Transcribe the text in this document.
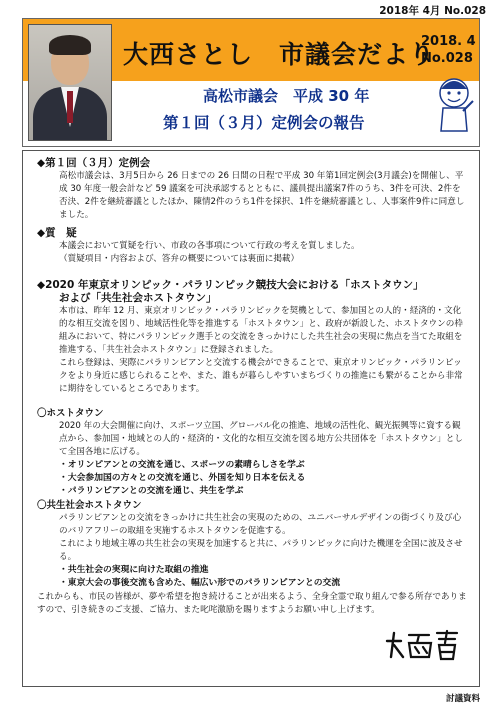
2018年 4月 No.028
大西さとし　市議会だより
2018. 4
No.028
高松市議会　平成 30 年
第１回（３月）定例会の報告
◆第１回（３月）定例会
高松市議会は、3月5日から 26 日までの 26 日間の日程で平成 30 年第1回定例会(3月議会)を開催し、平成 30 年度一般会計など 59 議案を可決承認するとともに、議員提出議案7件のうち、3件を可決、2件を否決、2件を継続審議としたほか、陳情2件のうち1件を採択、1件を継続審議とし、人事案件9件に同意しました。
◆質　疑
本議会において質疑を行い、市政の各事項について行政の考えを質しました。
（質疑項目・内容および、答弁の概要については裏面に掲載）
◆2020 年東京オリンピック・パラリンピック競技大会における「ホストタウン」
および「共生社会ホストタウン」
本市は、昨年 12 月、東京オリンピック・パラリンピックを契機として、参加国との人的・経済的・文化的な相互交流を図り、地域活性化等を推進する「ホストタウン」と、政府が新設した、ホストタウンの枠組みにおいて、特にパラリンピック選手との交流をきっかけにした共生社会の実現に焦点を当てた取組を推進する、「共生社会ホストタウン」に登録されました。
これら登録は、実際にパラリンピアンと交流する機会ができることで、東京オリンピック・パラリンピックをより身近に感じられることや、また、誰もが暮らしやすいまちづくりの推進にも繋がることから非常に期待をしているところであります。
〇ホストタウン
2020 年の大会開催に向け、スポーツ立国、グローバル化の推進、地域の活性化、観光振興等に資する観点から、参加国・地域との人的・経済的・文化的な相互交流を図る地方公共団体を「ホストタウン」として全国各地に広げる。
・オリンピアンとの交流を通じ、スポーツの素晴らしさを学ぶ
・大会参加国の方々との交流を通じ、外国を知り日本を伝える
・パラリンピアンとの交流を通じ、共生を学ぶ
〇共生社会ホストタウン
パラリンピアンとの交流をきっかけに共生社会の実現のための、ユニバーサルデザインの街づくり及び心のバリアフリーの取組を実施するホストタウンを促進する。
これにより地域主導の共生社会の実現を加速すると共に、パラリンピックに向けた機運を全国に波及させる。
・共生社会の実現に向けた取組の推進
・東京大会の事後交流も含めた、幅広い形でのパラリンピアンとの交流
これからも、市民の皆様が、夢や希望を抱き続けることが出来るよう、全身全霊で取り組んで参る所存でありますので、引き続きのご支援、ご協力、また叱咤激励を賜りますようお願い申し上げます。
討議資料
